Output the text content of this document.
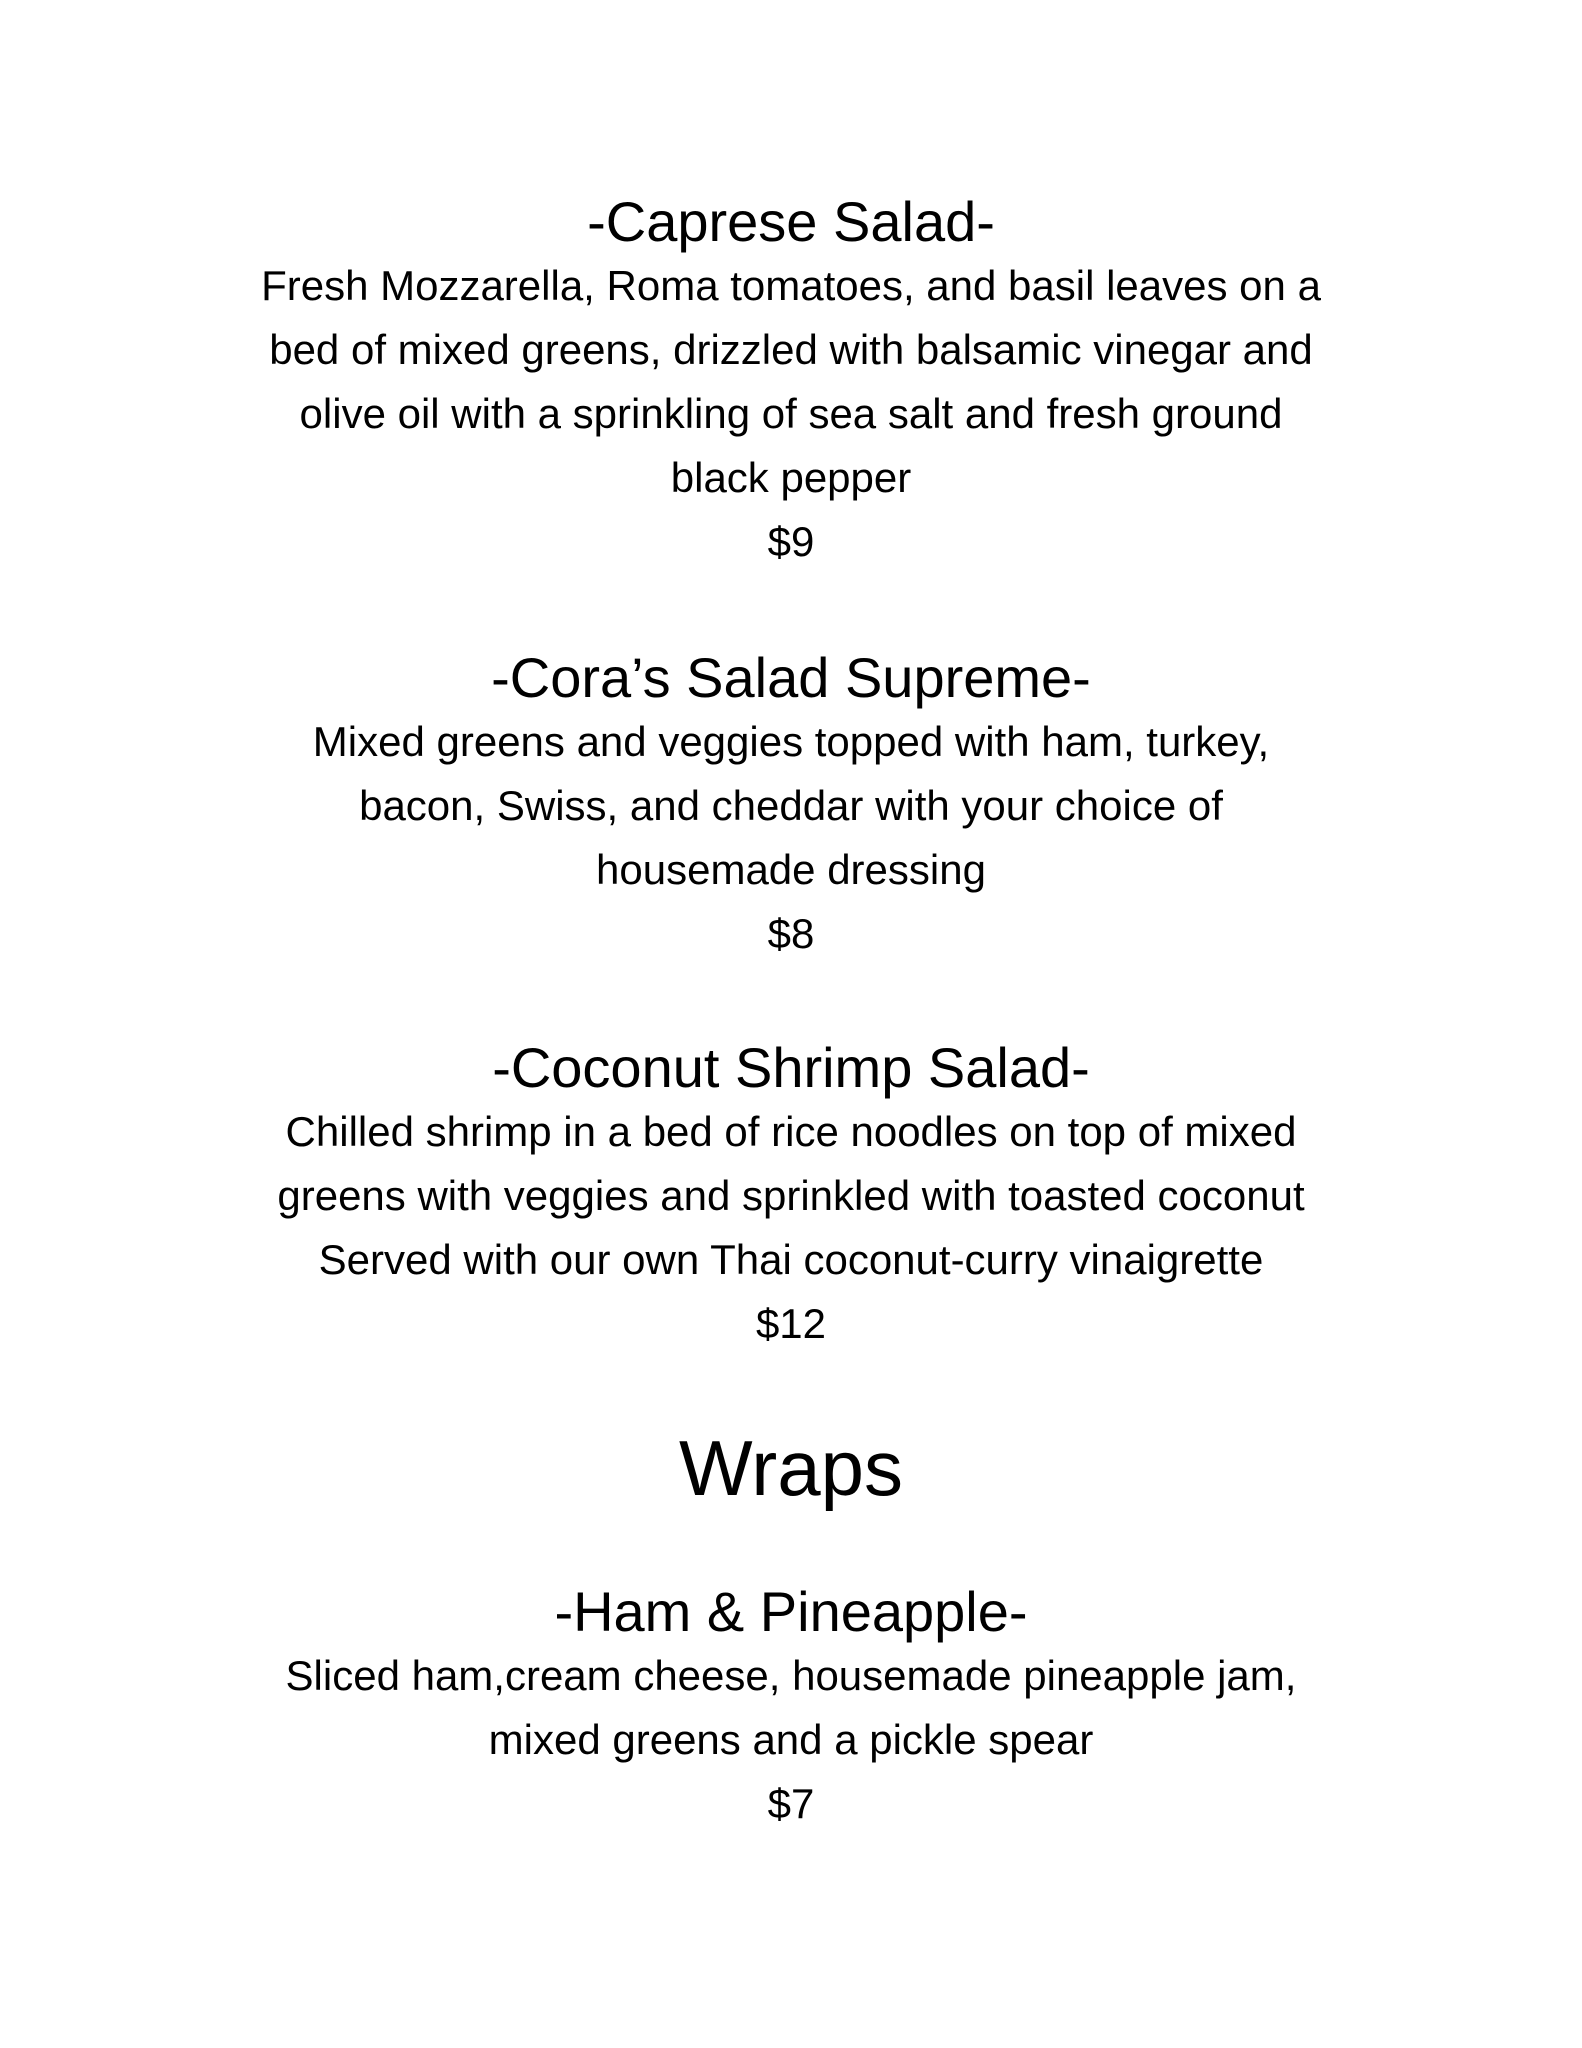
-Caprese Salad-
Fresh Mozzarella, Roma tomatoes, and basil leaves on a
bed of mixed greens, drizzled with balsamic vinegar and
olive oil with a sprinkling of sea salt and fresh ground
black pepper
$9
-Cora’s Salad Supreme-
Mixed greens and veggies topped with ham, turkey,
bacon, Swiss, and cheddar with your choice of
housemade dressing
$8
-Coconut Shrimp Salad-
Chilled shrimp in a bed of rice noodles on top of mixed
greens with veggies and sprinkled with toasted coconut
Served with our own Thai coconut-curry vinaigrette
$12
Wraps
-Ham & Pineapple-
Sliced ham,cream cheese, housemade pineapple jam,
mixed greens and a pickle spear
$7
